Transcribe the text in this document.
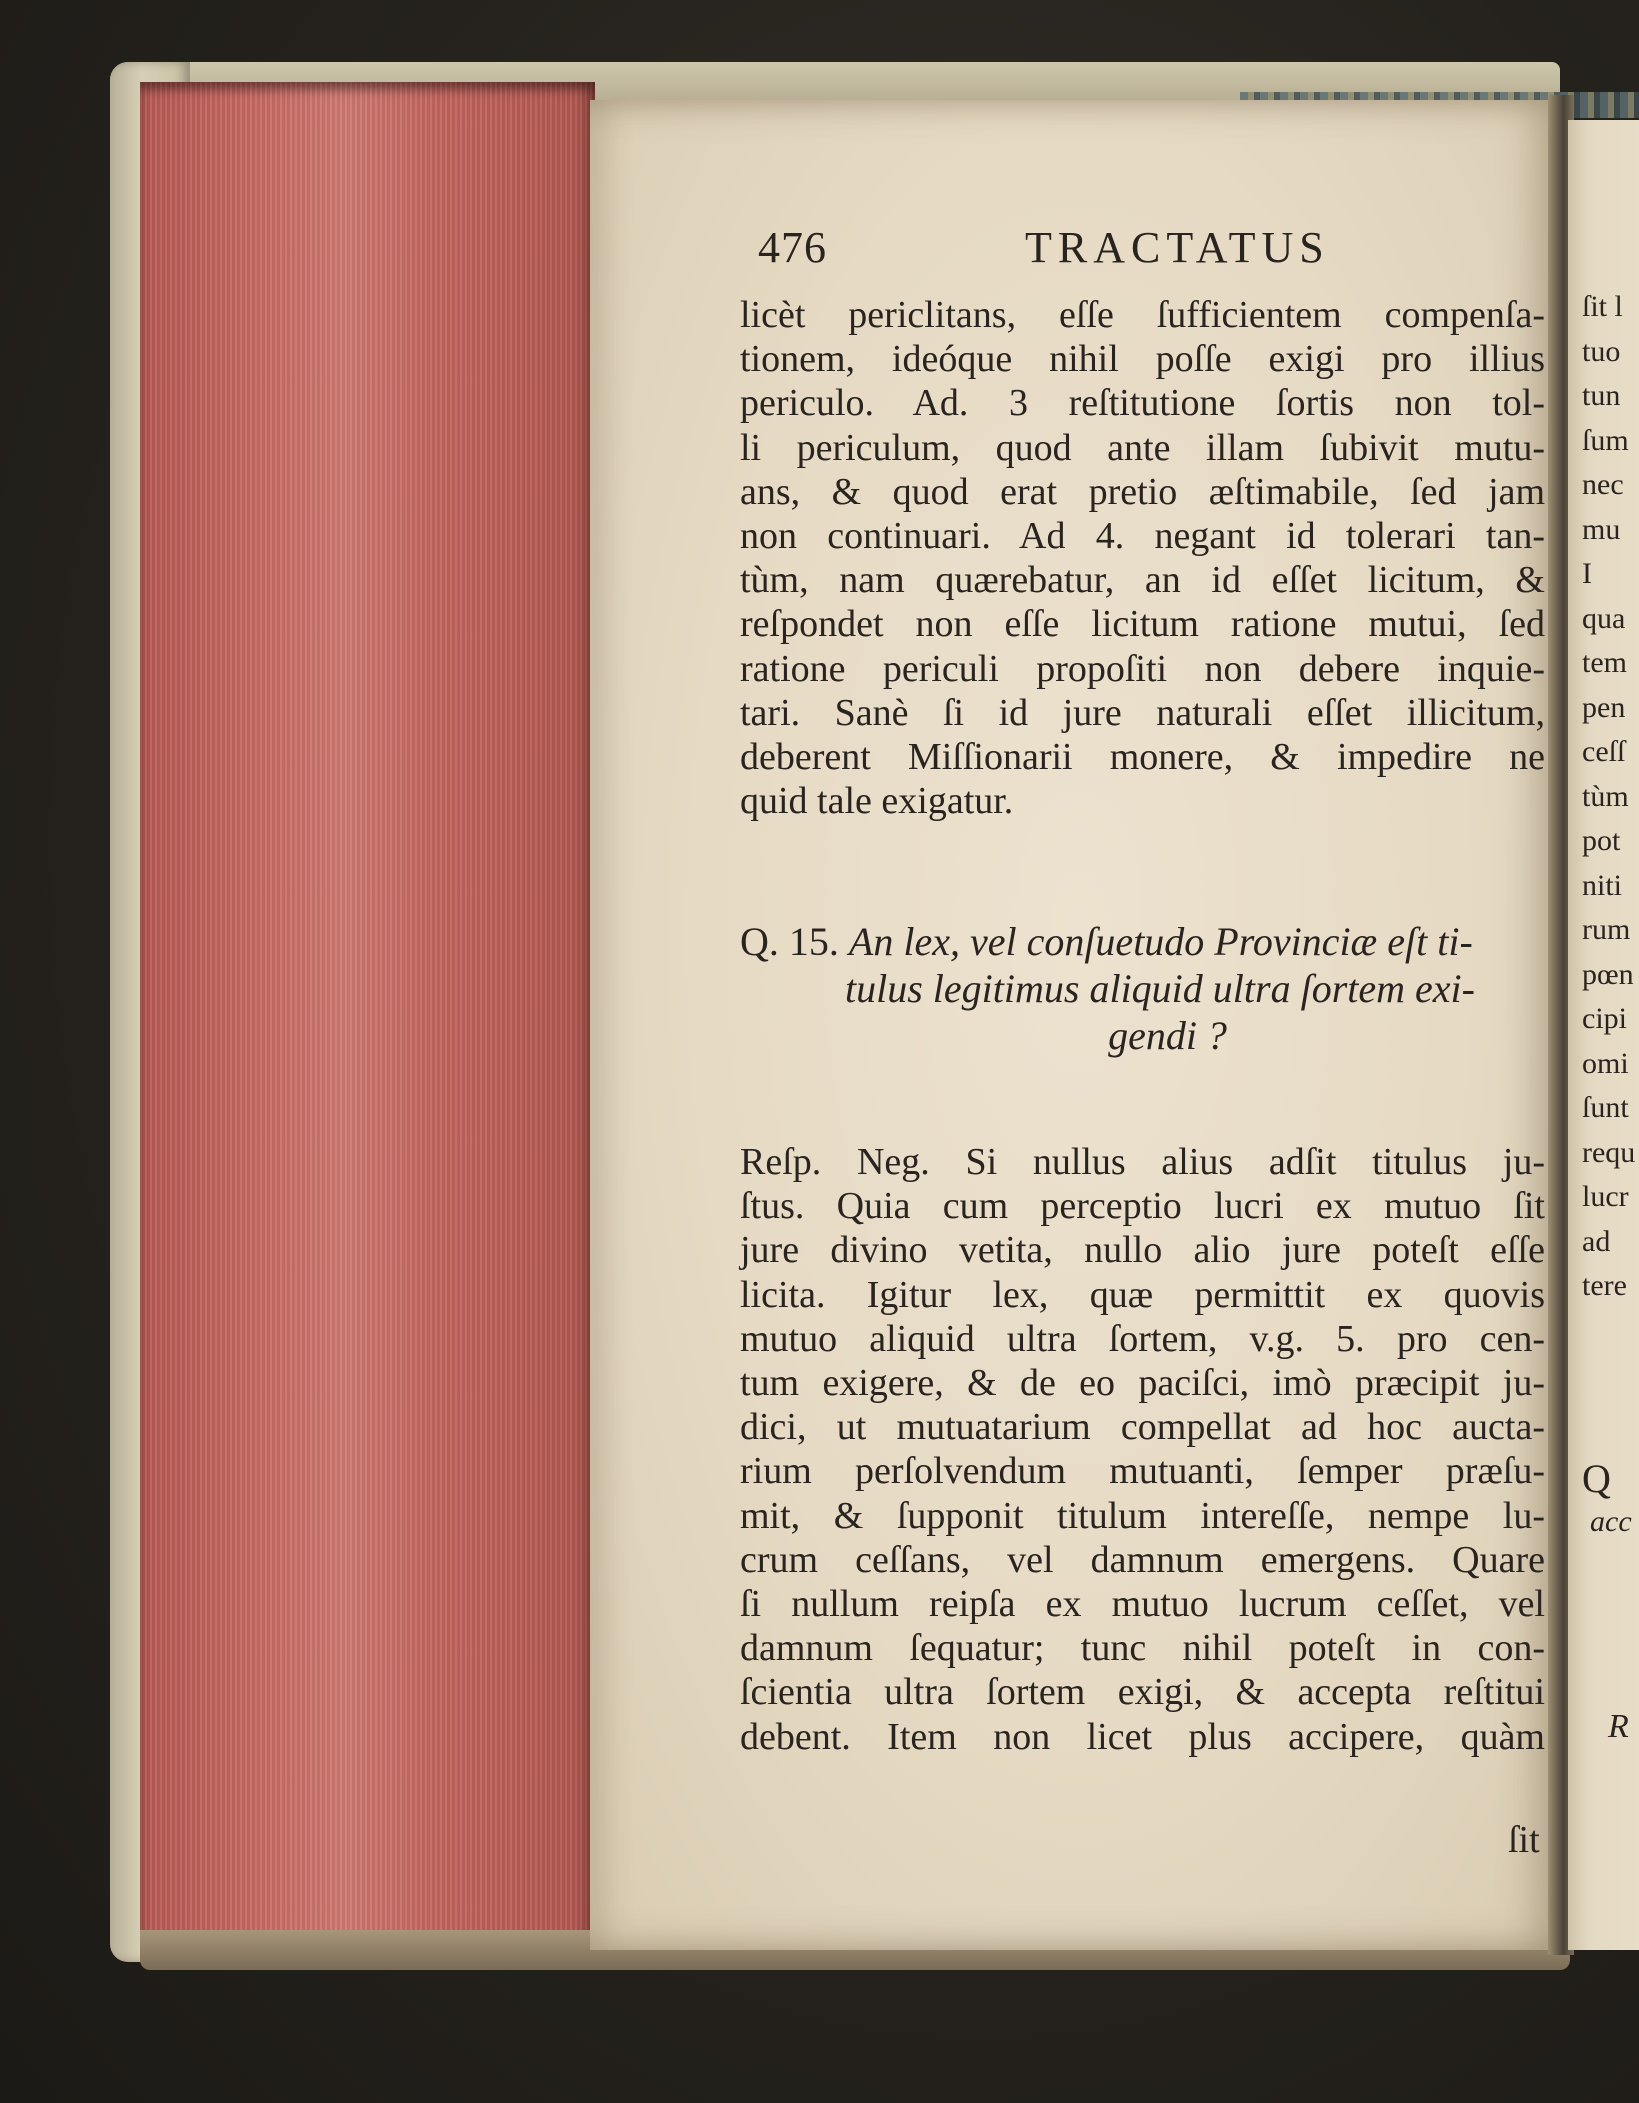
476	TRACTATUS
licèt periclitans, eſſe ſufficientem compenſa-
tionem, ideóque nihil poſſe exigi pro illius
periculo. Ad. 3 reſtitutione ſortis non tol-
li periculum, quod ante illam ſubivit mutu-
ans, & quod erat pretio æſtimabile, ſed jam
non continuari. Ad 4. negant id tolerari tan-
tùm, nam quærebatur, an id eſſet licitum, &
reſpondet non eſſe licitum ratione mutui, ſed
ratione periculi propoſiti non debere inquie-
tari. Sanè ſi id jure naturali eſſet illicitum,
deberent Miſſionarii monere, & impedire ne
quid tale exigatur.
Q. 15. An lex, vel conſuetudo Provinciæ eſt ti-
tulus legitimus aliquid ultra ſortem exi-
gendi ?
Reſp. Neg. Si nullus alius adſit titulus ju-
ſtus. Quia cum perceptio lucri ex mutuo ſit
jure divino vetita, nullo alio jure poteſt eſſe
licita. Igitur lex, quæ permittit ex quovis
mutuo aliquid ultra ſortem, v.g. 5. pro cen-
tum exigere, & de eo paciſci, imò præcipit ju-
dici, ut mutuatarium compellat ad hoc aucta-
rium perſolvendum mutuanti, ſemper præſu-
mit, & ſupponit titulum intereſſe, nempe lu-
crum ceſſans, vel damnum emergens. Quare
ſi nullum reipſa ex mutuo lucrum ceſſet, vel
damnum ſequatur; tunc nihil poteſt in con-
ſcientia ultra ſortem exigi, & accepta reſtitui
debent. Item non licet plus accipere, quàm
ſit
ſit l
tuo
tun
ſum
nec
mu
I
qua
tem
pen
ceſſ
tùm
pot
niti
rum
pœn
cipi
omi
ſunt
requ
lucr
ad
tere
Q
acc
R
